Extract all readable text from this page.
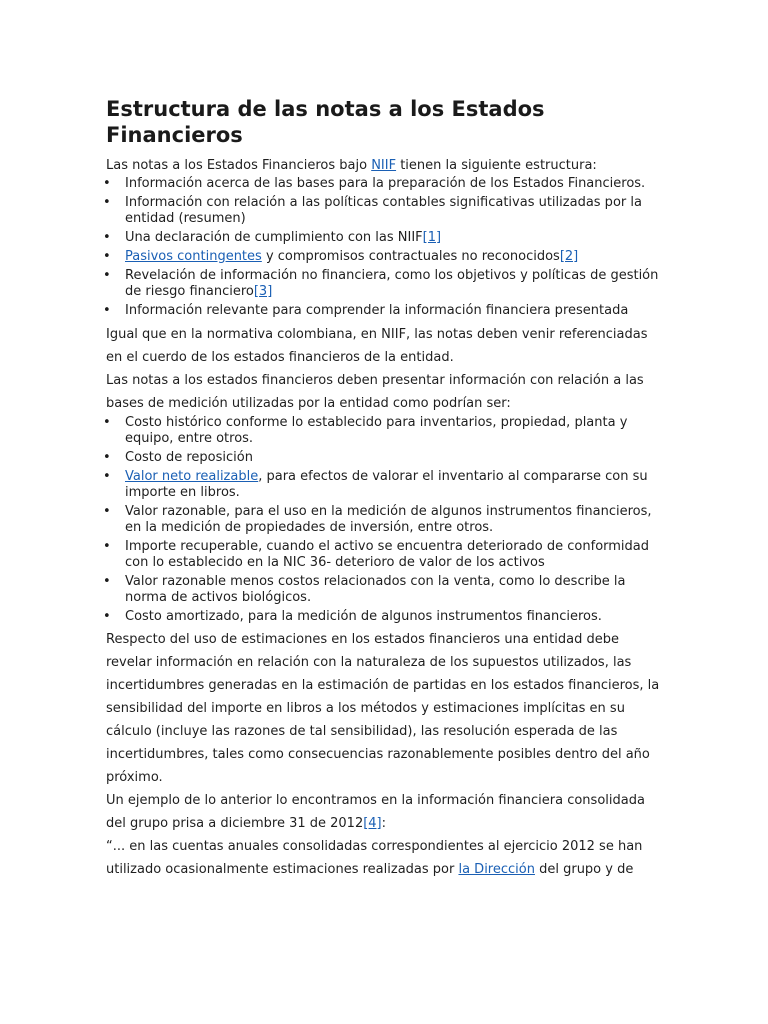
Estructura de las notas a los Estados Financieros

Las notas a los Estados Financieros bajo NIIF tienen la siguiente estructura:

• Información acerca de las bases para la preparación de los Estados Financieros.
• Información con relación a las políticas contables significativas utilizadas por la entidad (resumen)
• Una declaración de cumplimiento con las NIIF[1]
• Pasivos contingentes y compromisos contractuales no reconocidos[2]
• Revelación de información no financiera, como los objetivos y políticas de gestión de riesgo financiero[3]
• Información relevante para comprender la información financiera presentada

Igual que en la normativa colombiana, en NIIF, las notas deben venir referenciadas en el cuerdo de los estados financieros de la entidad.

Las notas a los estados financieros deben presentar información con relación a las bases de medición utilizadas por la entidad como podrían ser:

• Costo histórico conforme lo establecido para inventarios, propiedad, planta y equipo, entre otros.
• Costo de reposición
• Valor neto realizable, para efectos de valorar el inventario al compararse con su importe en libros.
• Valor razonable, para el uso en la medición de algunos instrumentos financieros, en la medición de propiedades de inversión, entre otros.
• Importe recuperable, cuando el activo se encuentra deteriorado de conformidad con lo establecido en la NIC 36- deterioro de valor de los activos
• Valor razonable menos costos relacionados con la venta, como lo describe la norma de activos biológicos.
• Costo amortizado, para la medición de algunos instrumentos financieros.

Respecto del uso de estimaciones en los estados financieros una entidad debe revelar información en relación con la naturaleza de los supuestos utilizados, las incertidumbres generadas en la estimación de partidas en los estados financieros, la sensibilidad del importe en libros a los métodos y estimaciones implícitas en su cálculo (incluye las razones de tal sensibilidad), las resolución esperada de las incertidumbres, tales como consecuencias razonablemente posibles dentro del año próximo.

Un ejemplo de lo anterior lo encontramos en la información financiera consolidada del grupo prisa a diciembre 31 de 2012[4]:

“... en las cuentas anuales consolidadas correspondientes al ejercicio 2012 se han utilizado ocasionalmente estimaciones realizadas por la Dirección del grupo y de
